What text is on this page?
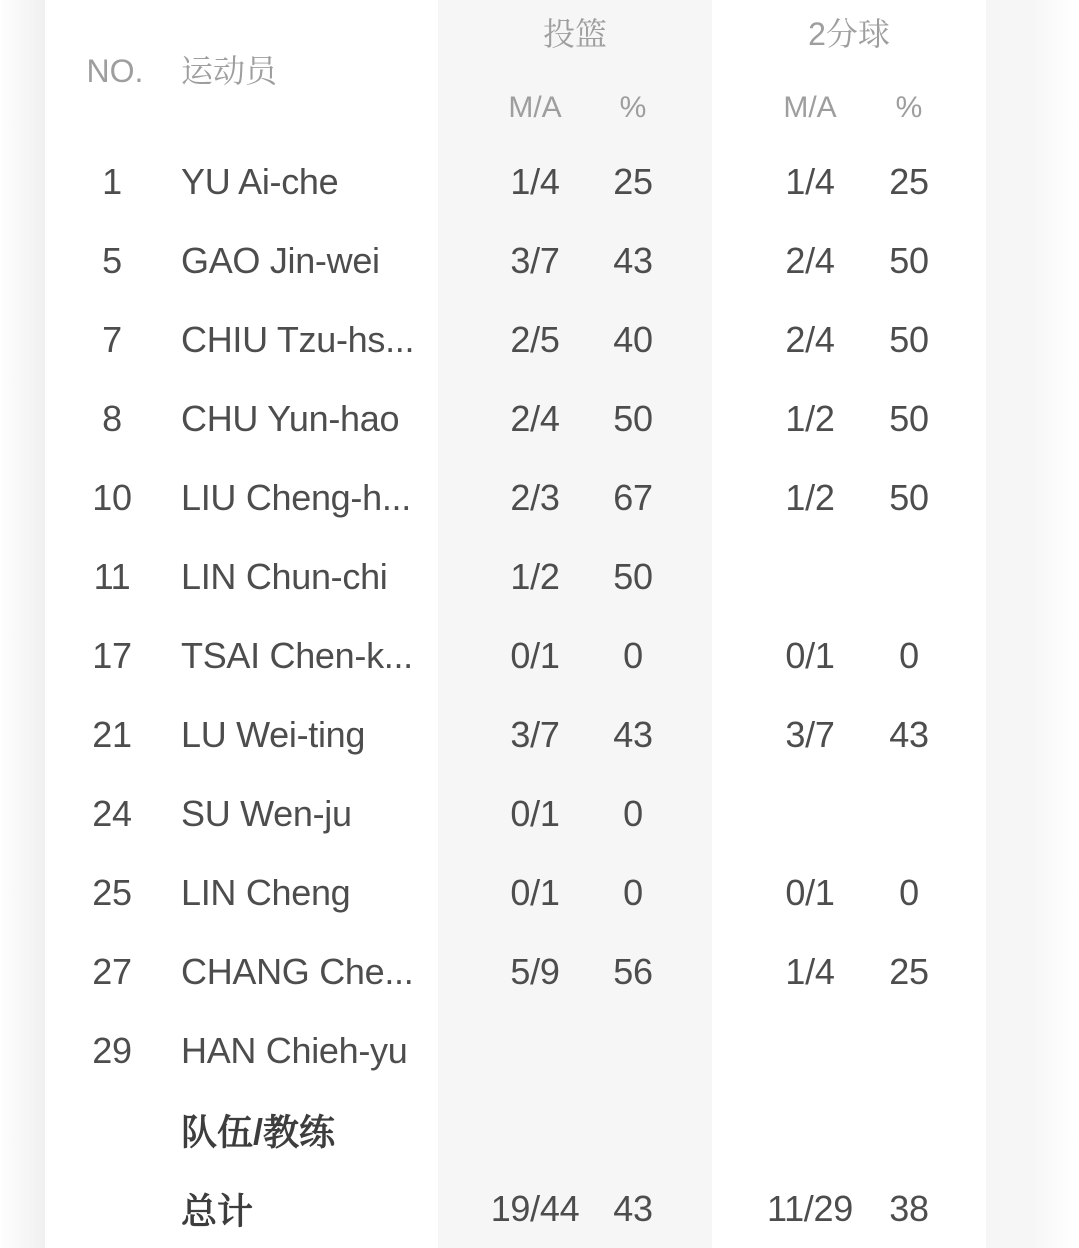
投篮	2分球
NO.	运动员
M/A	%	M/A	%
1	YU Ai-che	1/4	25	1/4	25
5	GAO Jin-wei	3/7	43	2/4	50
7	CHIU Tzu-hs...	2/5	40	2/4	50
8	CHU Yun-hao	2/4	50	1/2	50
10	LIU Cheng-h...	2/3	67	1/2	50
11	LIN Chun-chi	1/2	50
17	TSAI Chen-k...	0/1	0	0/1	0
21	LU Wei-ting	3/7	43	3/7	43
24	SU Wen-ju	0/1	0
25	LIN Cheng	0/1	0	0/1	0
27	CHANG Che...	5/9	56	1/4	25
29	HAN Chieh-yu
队伍/教练
总计	19/44 43	11/29	38
